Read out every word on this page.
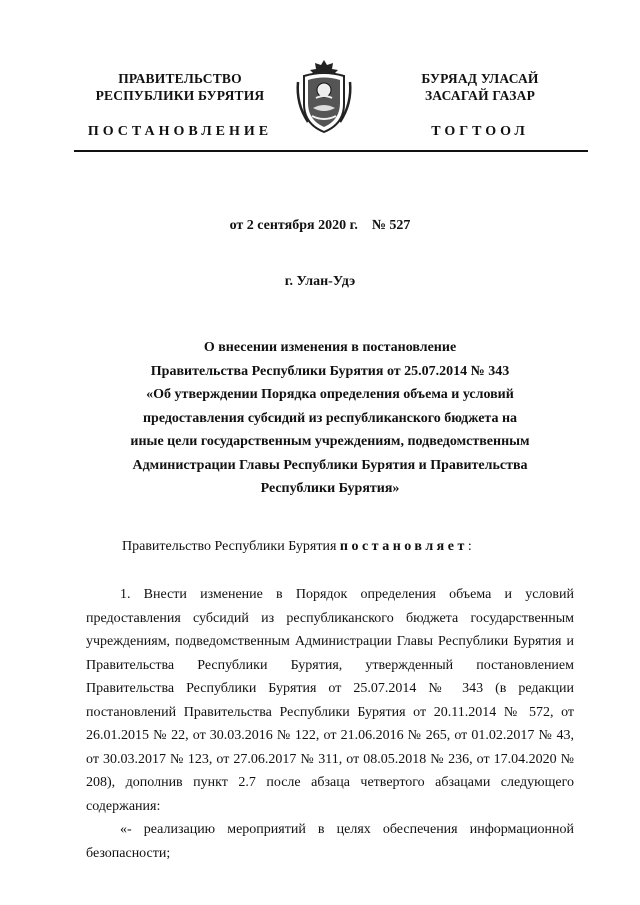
ПРАВИТЕЛЬСТВО
РЕСПУБЛИКИ БУРЯТИЯ
БУРЯАД УЛАСАЙ
ЗАСАГАЙ ГАЗАР
ПОСТАНОВЛЕНИЕ	ТОГТООЛ
от 2 сентября 2020 г. № 527
г. Улан-Удэ
О внесении изменения в постановление
Правительства Республики Бурятия от 25.07.2014 № 343
«Об утверждении Порядка определения объема и условий
предоставления субсидий из республиканского бюджета на
иные цели государственным учреждениям, подведомственным
Администрации Главы Республики Бурятия и Правительства
Республики Бурятия»
Правительство Республики Бурятия постановляет:

1. Внести изменение в Порядок определения объема и условий предоставления субсидий из республиканского бюджета государственным учреждениям, подведомственным Администрации Главы Республики Бурятия и Правительства Республики Бурятия, утвержденный постановлением Правительства Республики Бурятия от 25.07.2014 № 343 (в редакции постановлений Правительства Республики Бурятия от 20.11.2014 № 572, от 26.01.2015 № 22, от 30.03.2016 № 122, от 21.06.2016 № 265, от 01.02.2017 № 43, от 30.03.2017 № 123, от 27.06.2017 № 311, от 08.05.2018 № 236, от 17.04.2020 № 208), дополнив пункт 2.7 после абзаца четвертого абзацами следующего содержания:

«- реализацию мероприятий в целях обеспечения информационной безопасности;
